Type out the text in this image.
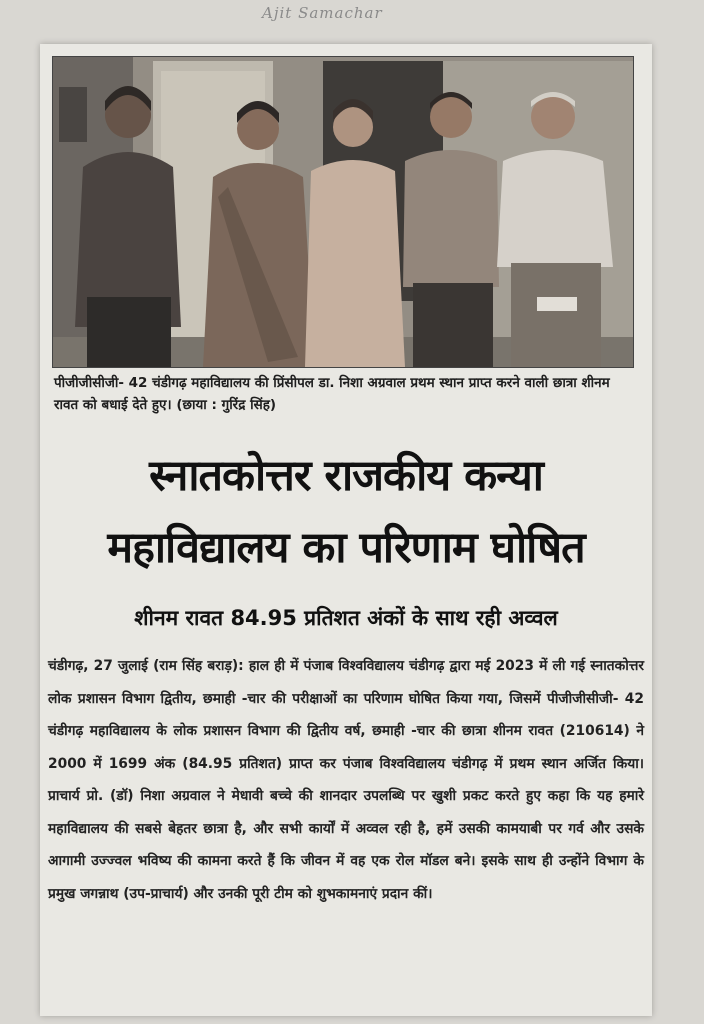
Ajit Samachar
पीजीजीसीजी- 42 चंडीगढ़ महाविद्यालय की प्रिंसीपल डा. निशा अग्रवाल प्रथम स्थान प्राप्त करने वाली छात्रा शीनम रावत को बधाई देते हुए। (छाया : गुरिंद्र सिंह)
स्नातकोत्तर राजकीय कन्या
महाविद्यालय का परिणाम घोषित
शीनम रावत 84.95 प्रतिशत अंकों के साथ रही अव्वल
चंडीगढ़, 27 जुलाई (राम सिंह बराड़): हाल ही में पंजाब विश्वविद्यालय चंडीगढ़ द्वारा मई 2023 में ली गई स्नातकोत्तर लोक प्रशासन विभाग द्वितीय, छमाही -चार की परीक्षाओं का परिणाम घोषित किया गया, जिसमें पीजीजीसीजी- 42 चंडीगढ़ महाविद्यालय के लोक प्रशासन विभाग की द्वितीय वर्ष, छमाही -चार की छात्रा शीनम रावत (210614) ने 2000 में 1699 अंक (84.95 प्रतिशत) प्राप्त कर पंजाब विश्वविद्यालय चंडीगढ़ में प्रथम स्थान अर्जित किया। प्राचार्य प्रो. (डॉ) निशा अग्रवाल ने मेधावी बच्चे की शानदार उपलब्धि पर खुशी प्रकट करते हुए कहा कि यह हमारे महाविद्यालय की सबसे बेहतर छात्रा है, और सभी कार्यों में अव्वल रही है, हमें उसकी कामयाबी पर गर्व और उसके आगामी उज्ज्वल भविष्य की कामना करते हैं कि जीवन में वह एक रोल मॉडल बने। इसके साथ ही उन्होंने विभाग के प्रमुख जगन्नाथ (उप-प्राचार्य) और उनकी पूरी टीम को शुभकामनाएं प्रदान कीं।
